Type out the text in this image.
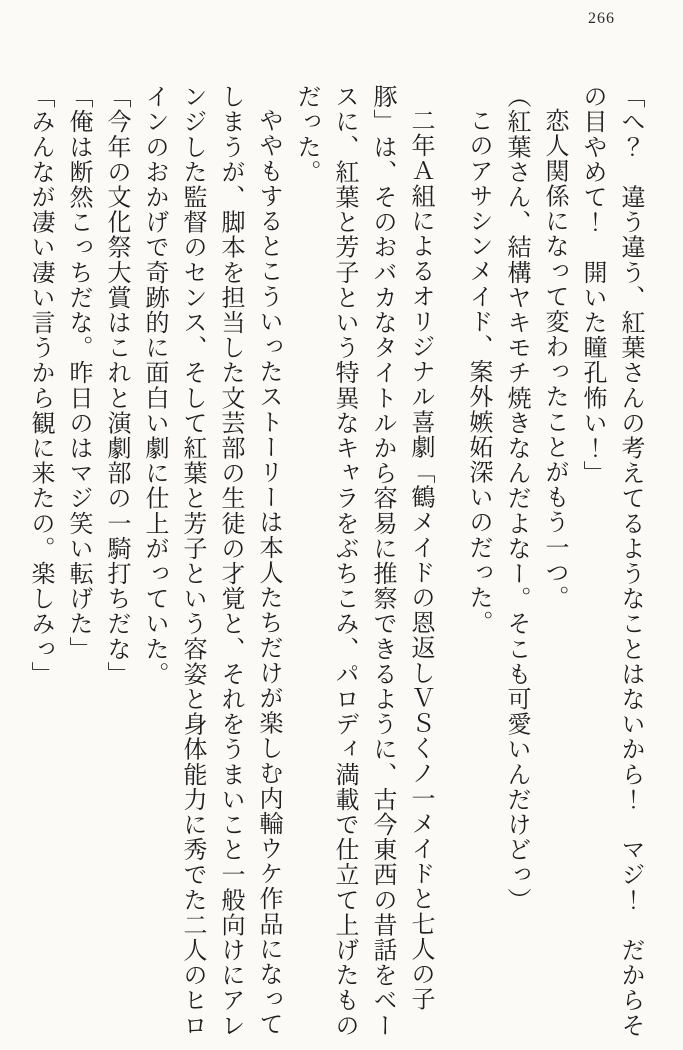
266

「へ？　違う違う、紅葉さんの考えてるようなことはないから！　マジ！　だからその目やめて！　開いた瞳孔怖い！」

恋人関係になって変わったことがもう一つ。

（紅葉さん、結構ヤキモチ焼きなんだよなー。そこも可愛いんだけどっ）

このアサシンメイド、案外嫉妬深いのだった。

二年Ａ組によるオリジナル喜劇「鶴メイドの恩返しＶＳくノ一メイドと七人の子豚」は、そのおバカなタイトルから容易に推察できるように、古今東西の昔話をベースに、紅葉と芳子という特異なキャラをぶちこみ、パロディ満載で仕立て上げたものだった。

ややもするとこういったストーリーは本人たちだけが楽しむ内輪ウケ作品になってしまうが、脚本を担当した文芸部の生徒の才覚と、それをうまいこと一般向けにアレンジした監督のセンス、そして紅葉と芳子という容姿と身体能力に秀でた二人のヒロインのおかげで奇跡的に面白い劇に仕上がっていた。

「今年の文化祭大賞はこれと演劇部の一騎打ちだな」

「俺は断然こっちだな。昨日のはマジ笑い転げた」

「みんなが凄い凄い言うから観に来たの。楽しみっ」
